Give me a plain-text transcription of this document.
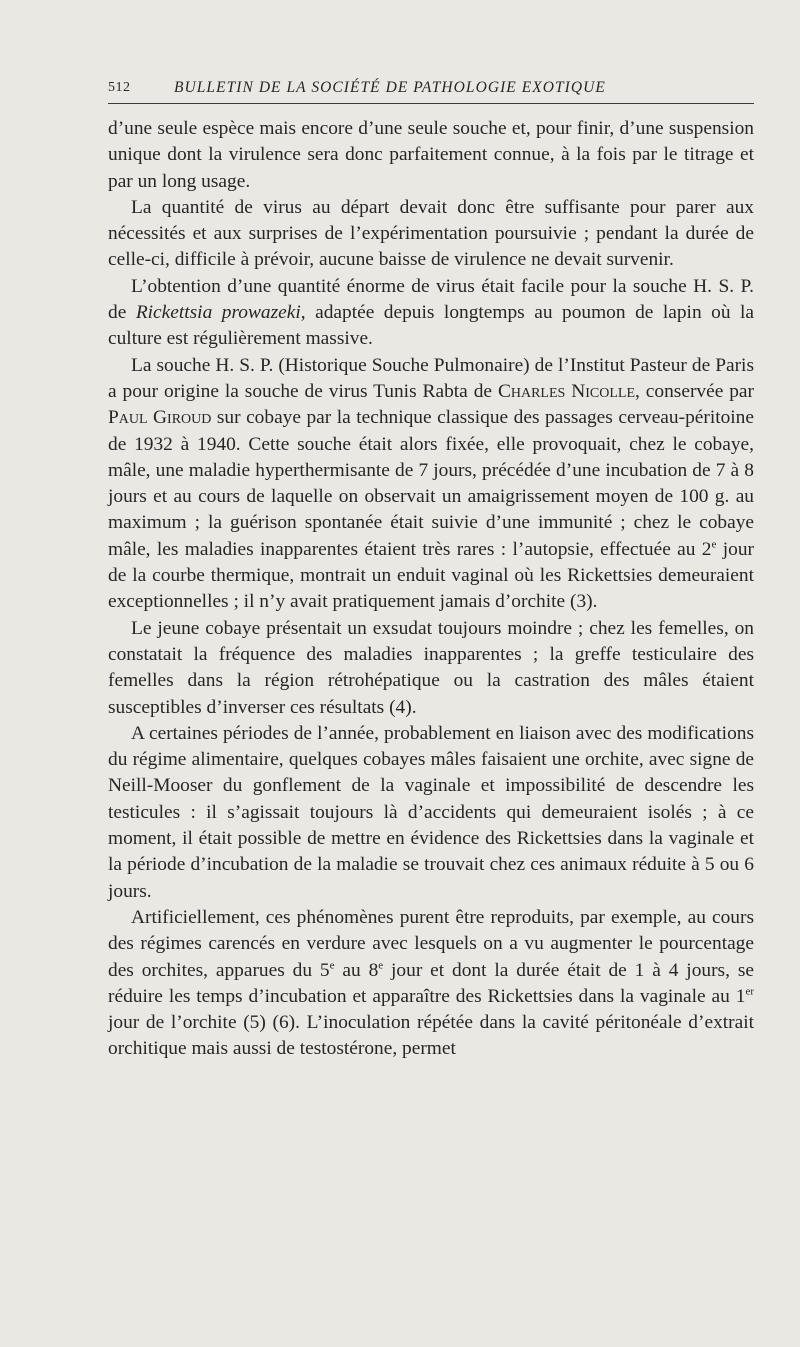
512	BULLETIN DE LA SOCIÉTÉ DE PATHOLOGIE EXOTIQUE

d’une seule espèce mais encore d’une seule souche et, pour finir, d’une suspension unique dont la virulence sera donc parfaitement connue, à la fois par le titrage et par un long usage.

La quantité de virus au départ devait donc être suffisante pour parer aux nécessités et aux surprises de l’expérimentation poursuivie ; pendant la durée de celle-ci, difficile à prévoir, aucune baisse de virulence ne devait survenir.

L’obtention d’une quantité énorme de virus était facile pour la souche H. S. P. de Rickettsia prowazeki, adaptée depuis longtemps au poumon de lapin où la culture est régulièrement massive.

La souche H. S. P. (Historique Souche Pulmonaire) de l’Institut Pasteur de Paris a pour origine la souche de virus Tunis Rabta de Charles Nicolle, conservée par Paul Giroud sur cobaye par la technique classique des passages cerveau-péritoine de 1932 à 1940. Cette souche était alors fixée, elle provoquait, chez le cobaye, mâle, une maladie hyperthermisante de 7 jours, précédée d’une incubation de 7 à 8 jours et au cours de laquelle on observait un amaigrissement moyen de 100 g. au maximum ; la guérison spontanée était suivie d’une immunité ; chez le cobaye mâle, les maladies inapparentes étaient très rares : l’autopsie, effectuée au 2e jour de la courbe thermique, montrait un enduit vaginal où les Rickettsies demeuraient exceptionnelles ; il n’y avait pratiquement jamais d’orchite (3).

Le jeune cobaye présentait un exsudat toujours moindre ; chez les femelles, on constatait la fréquence des maladies inapparentes ; la greffe testiculaire des femelles dans la région rétrohépatique ou la castration des mâles étaient susceptibles d’inverser ces résultats (4).

A certaines périodes de l’année, probablement en liaison avec des modifications du régime alimentaire, quelques cobayes mâles faisaient une orchite, avec signe de Neill-Mooser du gonflement de la vaginale et impossibilité de descendre les testicules : il s’agissait toujours là d’accidents qui demeuraient isolés ; à ce moment, il était possible de mettre en évidence des Rickettsies dans la vaginale et la période d’incubation de la maladie se trouvait chez ces animaux réduite à 5 ou 6 jours.

Artificiellement, ces phénomènes purent être reproduits, par exemple, au cours des régimes carencés en verdure avec lesquels on a vu augmenter le pourcentage des orchites, apparues du 5e au 8e jour et dont la durée était de 1 à 4 jours, se réduire les temps d’incubation et apparaître des Rickettsies dans la vaginale au 1er jour de l’orchite (5) (6). L’inoculation répétée dans la cavité péritonéale d’extrait orchitique mais aussi de testostérone, permet
